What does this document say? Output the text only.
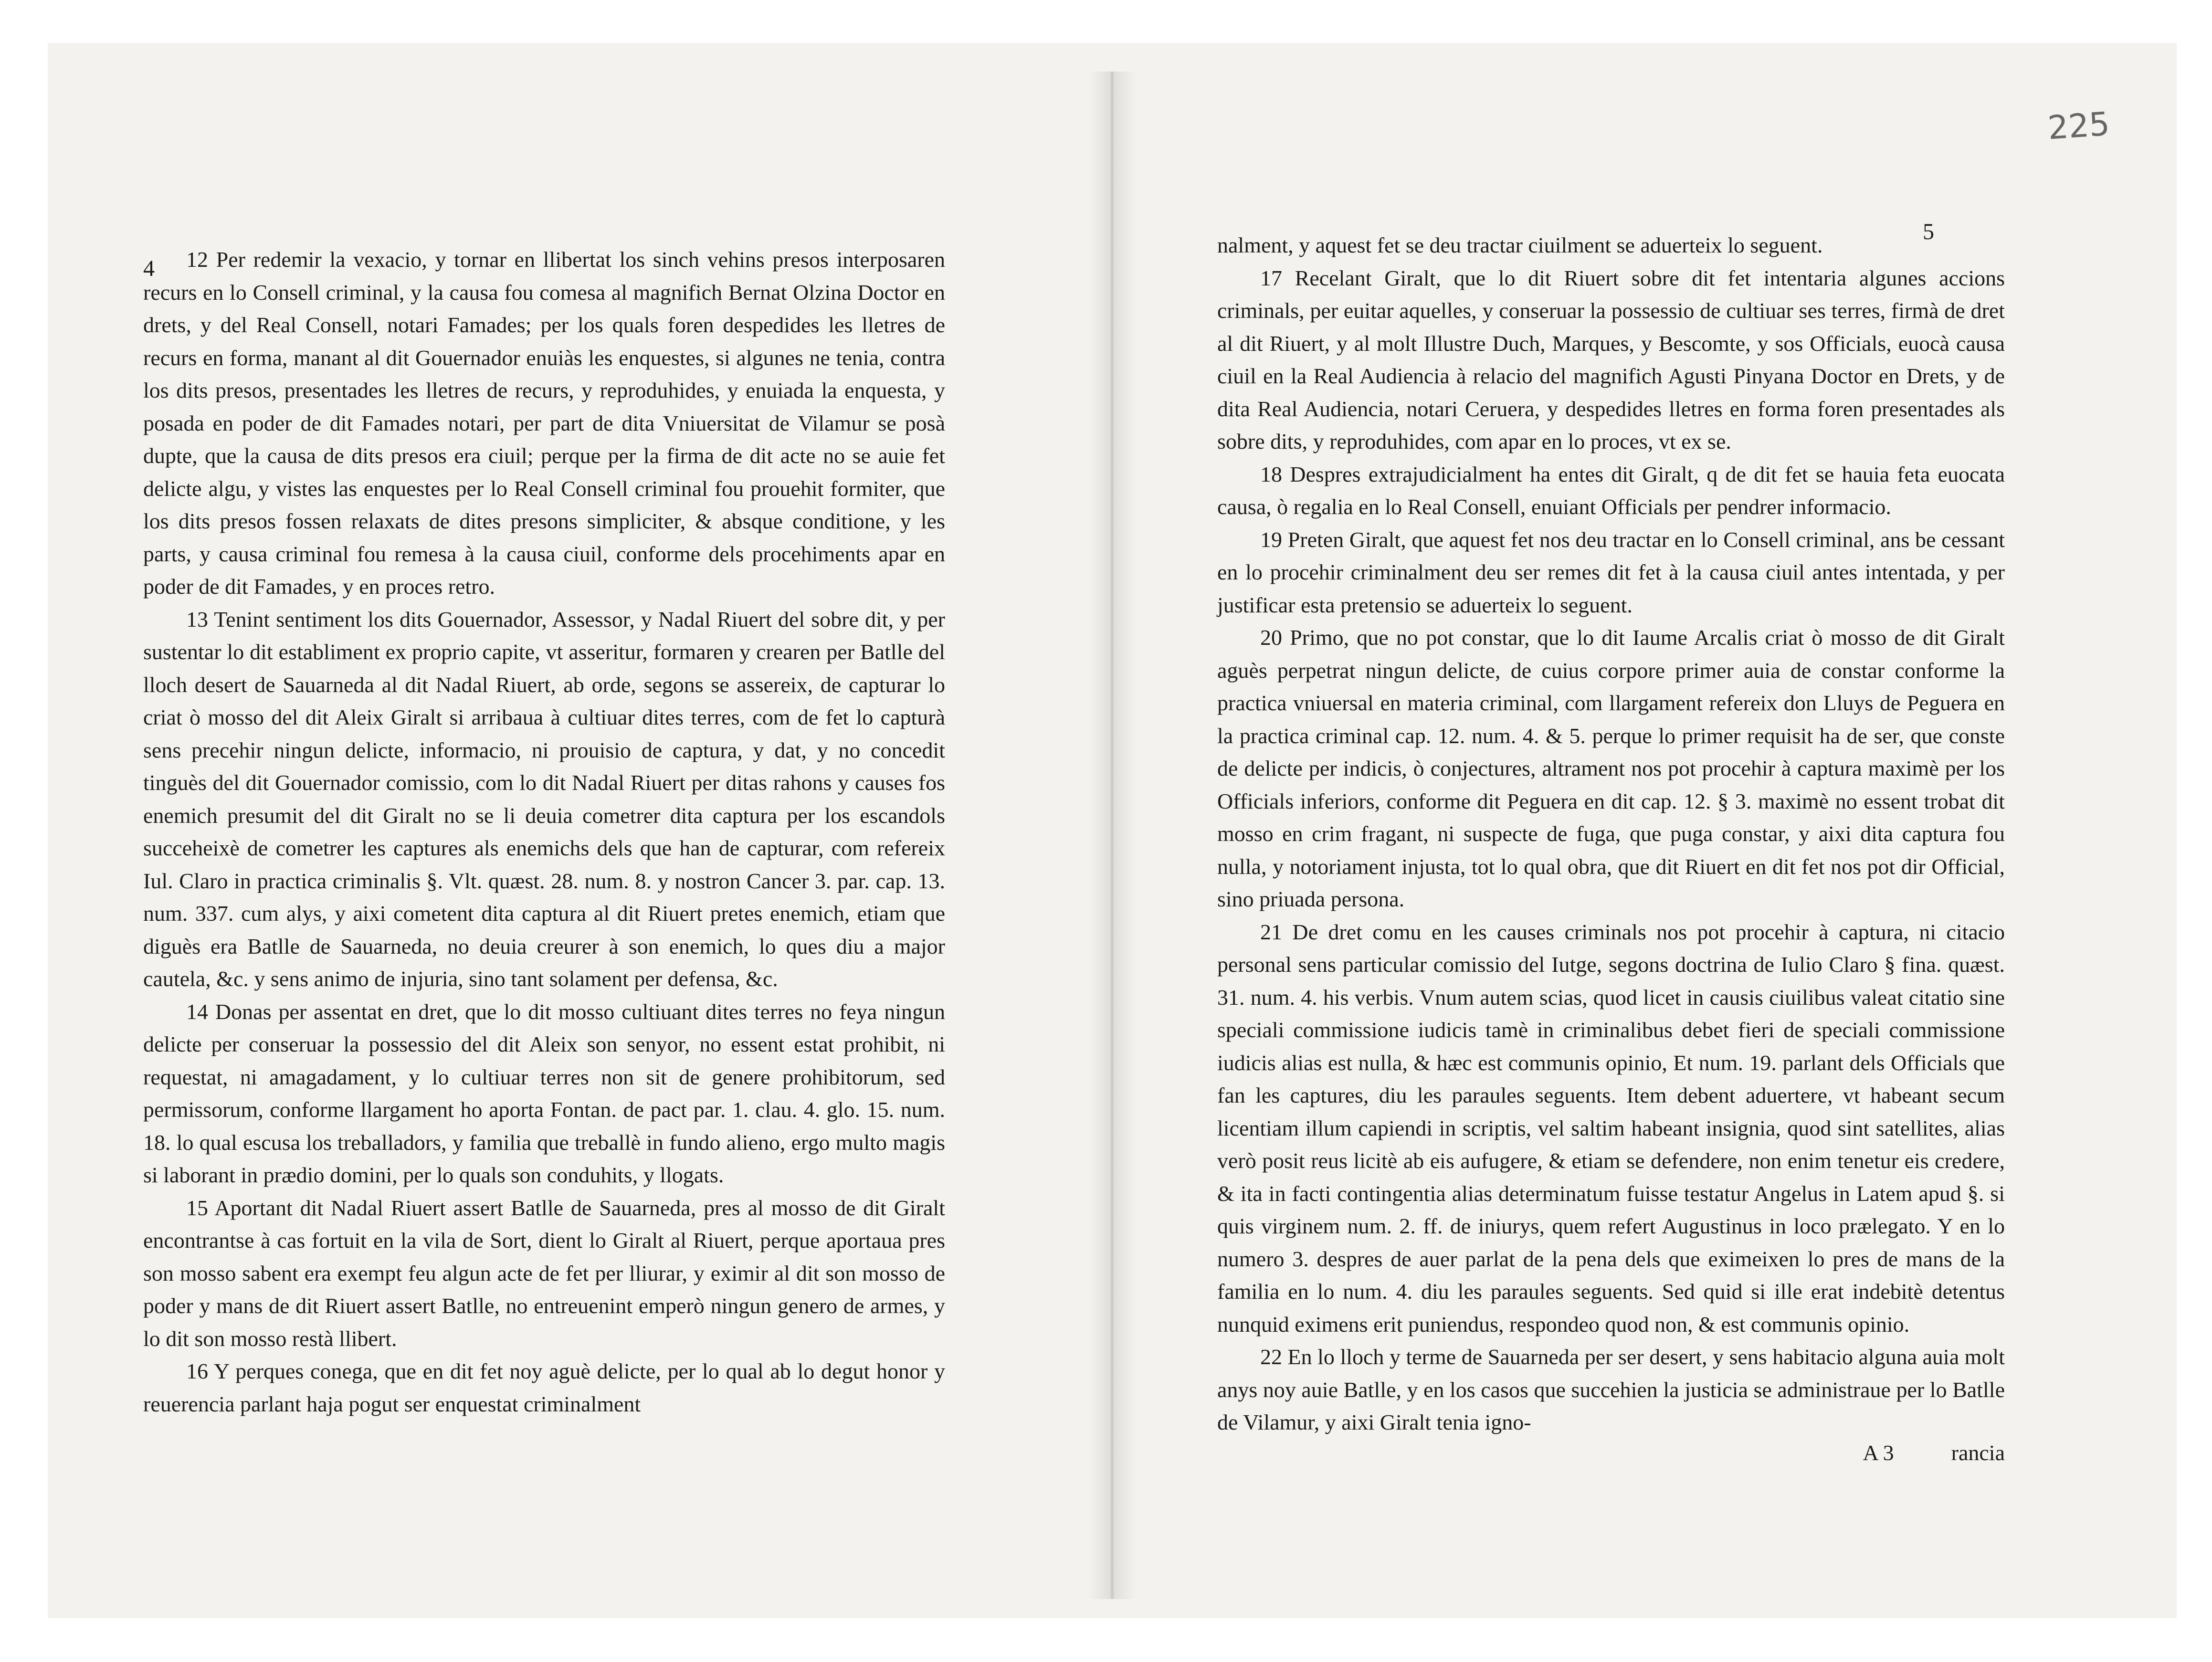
225
4
5

12 Per redemir la vexacio, y tornar en llibertat los sinch vehins presos interposaren recurs en lo Consell criminal, y la causa fou comesa al magnifich Bernat Olzina Doctor en drets, y del Real Consell, notari Famades; per los quals foren despedides les lletres de recurs en forma, manant al dit Gouernador enuiàs les enquestes, si algunes ne tenia, contra los dits presos, presentades les lletres de recurs, y reproduhides, y enuiada la enquesta, y posada en poder de dit Famades notari, per part de dita Vniuersitat de Vilamur se posà dupte, que la causa de dits presos era ciuil; perque per la firma de dit acte no se auie fet delicte algu, y vistes las enquestes per lo Real Consell criminal fou prouehit formiter, que los dits presos fossen relaxats de dites presons simpliciter, & absque conditione, y les parts, y causa criminal fou remesa à la causa ciuil, conforme dels procehiments apar en poder de dit Famades, y en proces retro.

13 Tenint sentiment los dits Gouernador, Assessor, y Nadal Riuert del sobre dit, y per sustentar lo dit establiment ex proprio capite, vt asseritur, formaren y crearen per Batlle del lloch desert de Sauarneda al dit Nadal Riuert, ab orde, segons se assereix, de capturar lo criat ò mosso del dit Aleix Giralt si arribaua à cultiuar dites terres, com de fet lo capturà sens precehir ningun delicte, informacio, ni prouisio de captura, y dat, y no concedit tinguès del dit Gouernador comissio, com lo dit Nadal Riuert per ditas rahons y causes fos enemich presumit del dit Giralt no se li deuia cometrer dita captura per los escandols succeheixè de cometrer les captures als enemichs dels que han de capturar, com refereix Iul. Claro in practica criminalis §. Vlt. quæst. 28. num. 8. y nostron Cancer 3. par. cap. 13. num. 337. cum alys, y aixi cometent dita captura al dit Riuert pretes enemich, etiam que diguès era Batlle de Sauarneda, no deuia creurer à son enemich, lo ques diu a major cautela, &c. y sens animo de injuria, sino tant solament per defensa, &c.

14 Donas per assentat en dret, que lo dit mosso cultiuant dites terres no feya ningun delicte per conseruar la possessio del dit Aleix son senyor, no essent estat prohibit, ni requestat, ni amagadament, y lo cultiuar terres non sit de genere prohibitorum, sed permissorum, conforme llargament ho aporta Fontan. de pact par. 1. clau. 4. glo. 15. num. 18. lo qual escusa los treballadors, y familia que treballè in fundo alieno, ergo multo magis si laborant in prædio domini, per lo quals son conduhits, y llogats.

15 Aportant dit Nadal Riuert assert Batlle de Sauarneda, pres al mosso de dit Giralt encontrantse à cas fortuit en la vila de Sort, dient lo Giralt al Riuert, perque aportaua pres son mosso sabent era exempt feu algun acte de fet per lliurar, y eximir al dit son mosso de poder y mans de dit Riuert assert Batlle, no entreuenint emperò ningun genero de armes, y lo dit son mosso restà llibert.

16 Y perques conega, que en dit fet noy aguè delicte, per lo qual ab lo degut honor y reuerencia parlant haja pogut ser enquestat criminalment

nalment, y aquest fet se deu tractar ciuilment se aduerteix lo seguent.

17 Recelant Giralt, que lo dit Riuert sobre dit fet intentaria algunes accions criminals, per euitar aquelles, y conseruar la possessio de cultiuar ses terres, firmà de dret al dit Riuert, y al molt Illustre Duch, Marques, y Bescomte, y sos Officials, euocà causa ciuil en la Real Audiencia à relacio del magnifich Agusti Pinyana Doctor en Drets, y de dita Real Audiencia, notari Ceruera, y despedides lletres en forma foren presentades als sobre dits, y reproduhides, com apar en lo proces, vt ex se.

18 Despres extrajudicialment ha entes dit Giralt, q de dit fet se hauia feta euocata causa, ò regalia en lo Real Consell, enuiant Officials per pendrer informacio.

19 Preten Giralt, que aquest fet nos deu tractar en lo Consell criminal, ans be cessant en lo procehir criminalment deu ser remes dit fet à la causa ciuil antes intentada, y per justificar esta pretensio se aduerteix lo seguent.

20 Primo, que no pot constar, que lo dit Iaume Arcalis criat ò mosso de dit Giralt aguès perpetrat ningun delicte, de cuius corpore primer auia de constar conforme la practica vniuersal en materia criminal, com llargament refereix don Lluys de Peguera en la practica criminal cap. 12. num. 4. & 5. perque lo primer requisit ha de ser, que conste de delicte per indicis, ò conjectures, altrament nos pot procehir à captura maximè per los Officials inferiors, conforme dit Peguera en dit cap. 12. § 3. maximè no essent trobat dit mosso en crim fragant, ni suspecte de fuga, que puga constar, y aixi dita captura fou nulla, y notoriament injusta, tot lo qual obra, que dit Riuert en dit fet nos pot dir Official, sino priuada persona.

21 De dret comu en les causes criminals nos pot procehir à captura, ni citacio personal sens particular comissio del Iutge, segons doctrina de Iulio Claro § fina. quæst. 31. num. 4. his verbis. Vnum autem scias, quod licet in causis ciuilibus valeat citatio sine speciali commissione iudicis tamè in criminalibus debet fieri de speciali commissione iudicis alias est nulla, & hæc est communis opinio, Et num. 19. parlant dels Officials que fan les captures, diu les paraules seguents. Item debent aduertere, vt habeant secum licentiam illum capiendi in scriptis, vel saltim habeant insignia, quod sint satellites, alias verò posit reus licitè ab eis aufugere, & etiam se defendere, non enim tenetur eis credere, & ita in facti contingentia alias determinatum fuisse testatur Angelus in Latem apud §. si quis virginem num. 2. ff. de iniurys, quem refert Augustinus in loco prælegato. Y en lo numero 3. despres de auer parlat de la pena dels que eximeixen lo pres de mans de la familia en lo num. 4. diu les paraules seguents. Sed quid si ille erat indebitè detentus nunquid eximens erit puniendus, respondeo quod non, & est communis opinio.

22 En lo lloch y terme de Sauarneda per ser desert, y sens habitacio alguna auia molt anys noy auie Batlle, y en los casos que succehien la justicia se administraue per lo Batlle de Vilamur, y aixi Giralt tenia igno-

A 3	rancia
